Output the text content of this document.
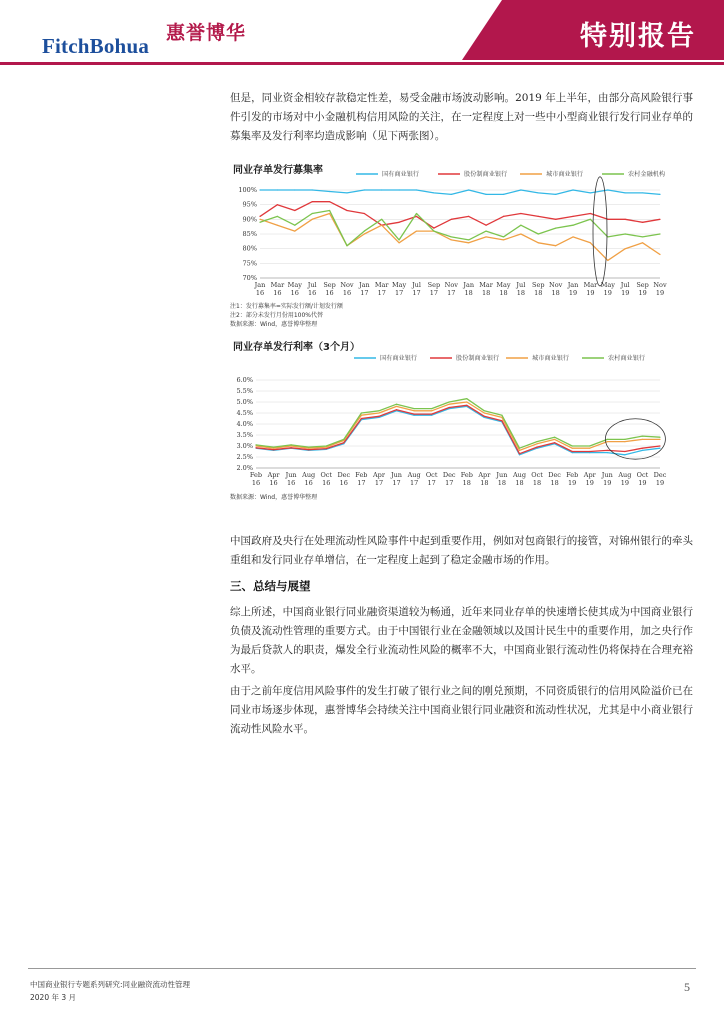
FitchBohua
惠誉博华	特别报告
但是，同业资金相较存款稳定性差，易受金融市场波动影响。2019 年上半年，由部分高风险银行事件引发的市场对中小金融机构信用风险的关注，在一定程度上对一些中小型商业银行发行同业存单的募集率及发行利率均造成影响（见下两张图）。
同业存单发行募集率	国有商业银行	股份制商业银行	城市商业银行	农村金融机构
100%
95%
90%
85%
80%
75%
70%
Jan
16
Mar
16
May
16
Jul
16
Sep
16
Nov
16
Jan
17
Mar
17
May
17
Jul
17
Sep
17
Nov
17
Jan
18
Mar
18
May
18
Jul
18
Sep
18
Nov
18
Jan
19
Mar
19
May
19
Jul
19
Sep
19
Nov
19
注1：发行募集率=实际发行额/计划发行额
注2：部分未发行月份用100%代替
数据来源：Wind，惠誉博华整理
同业存单发行利率（3个月）
国有商业银行	股份制商业银行	城市商业银行	农村商业银行
6.0%
5.5%
5.0%
4.5%
4.0%
3.5%
3.0%
2.5%
2.0%
Feb
16
Apr
16
Jun
16
Aug
16
Oct
16
Dec
16
Feb
17
Apr
17
Jun
17
Aug
17
Oct
17
Dec
17
Feb
18
Apr
18
Jun
18
Aug
18
Oct
18
Dec
18
Feb
19
Apr
19
Jun
19
Aug
19
Oct
19
Dec
19
数据来源：Wind，惠誉博华整理
中国政府及央行在处理流动性风险事件中起到重要作用，例如对包商银行的接管，对锦州银行的牵头重组和发行同业存单增信，在一定程度上起到了稳定金融市场的作用。
三、总结与展望
综上所述，中国商业银行同业融资渠道较为畅通，近年来同业存单的快速增长使其成为中国商业银行负债及流动性管理的重要方式。由于中国银行业在金融领域以及国计民生中的重要作用，加之央行作为最后贷款人的职责，爆发全行业流动性风险的概率不大，中国商业银行流动性仍将保持在合理充裕水平。
由于之前年度信用风险事件的发生打破了银行业之间的刚兑预期，不同资质银行的信用风险溢价已在同业市场逐步体现，惠誉博华会持续关注中国商业银行同业融资和流动性状况，尤其是中小商业银行流动性风险水平。
中国商业银行专题系列研究:同业融资流动性管理
2020 年 3 月
5
